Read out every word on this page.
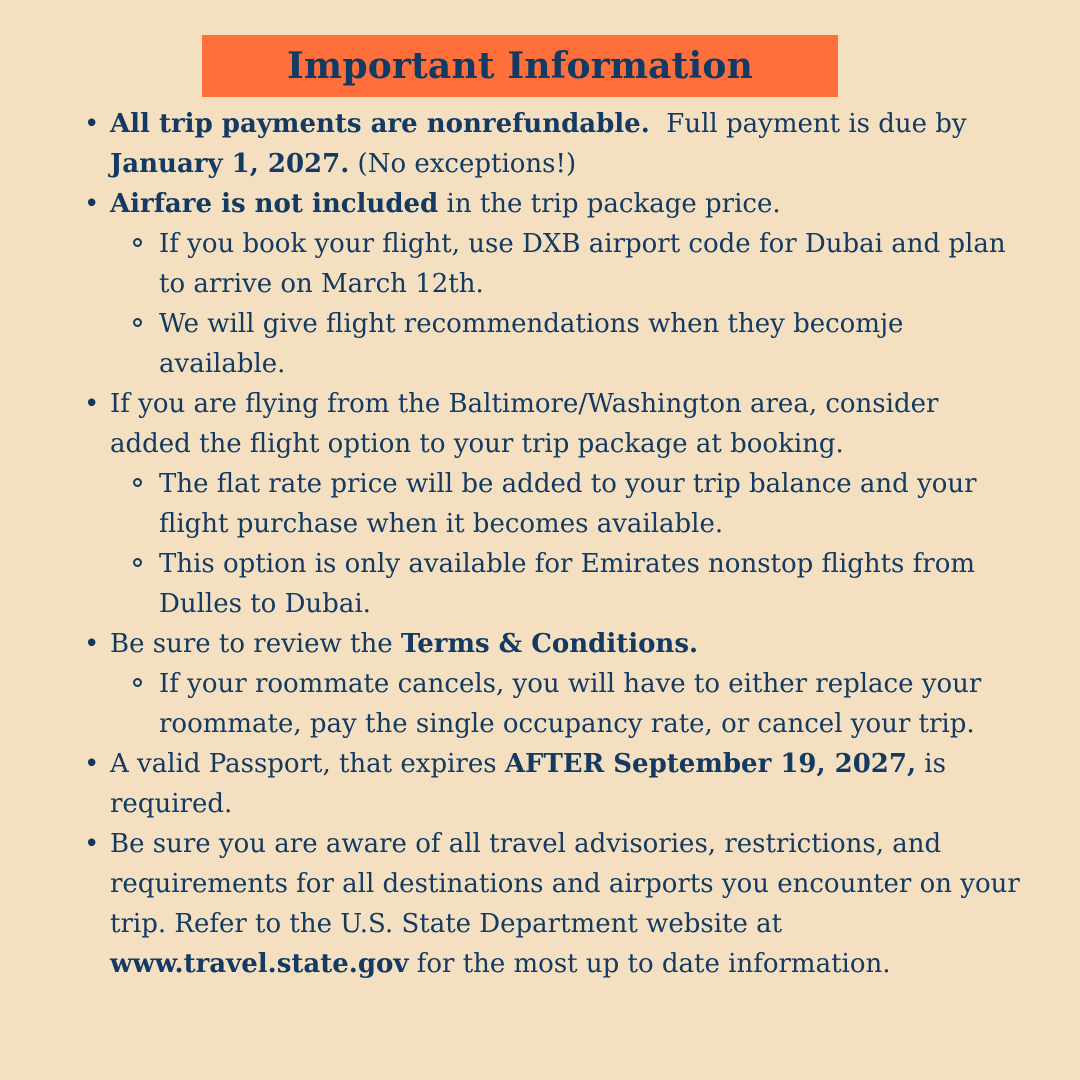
Important Information
• All trip payments are nonrefundable.  Full payment is due by January 1, 2027. (No exceptions!)
• Airfare is not included in the trip package price.
If you book your flight, use DXB airport code for Dubai and plan to arrive on March 12th.
We will give flight recommendations when they becomje available.
• If you are flying from the Baltimore/Washington area, consider added the flight option to your trip package at booking.
The flat rate price will be added to your trip balance and your flight purchase when it becomes available.
This option is only available for Emirates nonstop flights from Dulles to Dubai.
• Be sure to review the Terms & Conditions.
If your roommate cancels, you will have to either replace your roommate, pay the single occupancy rate, or cancel your trip.
• A valid Passport, that expires AFTER September 19, 2027, is required.
• Be sure you are aware of all travel advisories, restrictions, and requirements for all destinations and airports you encounter on your trip. Refer to the U.S. State Department website at www.travel.state.gov for the most up to date information.
